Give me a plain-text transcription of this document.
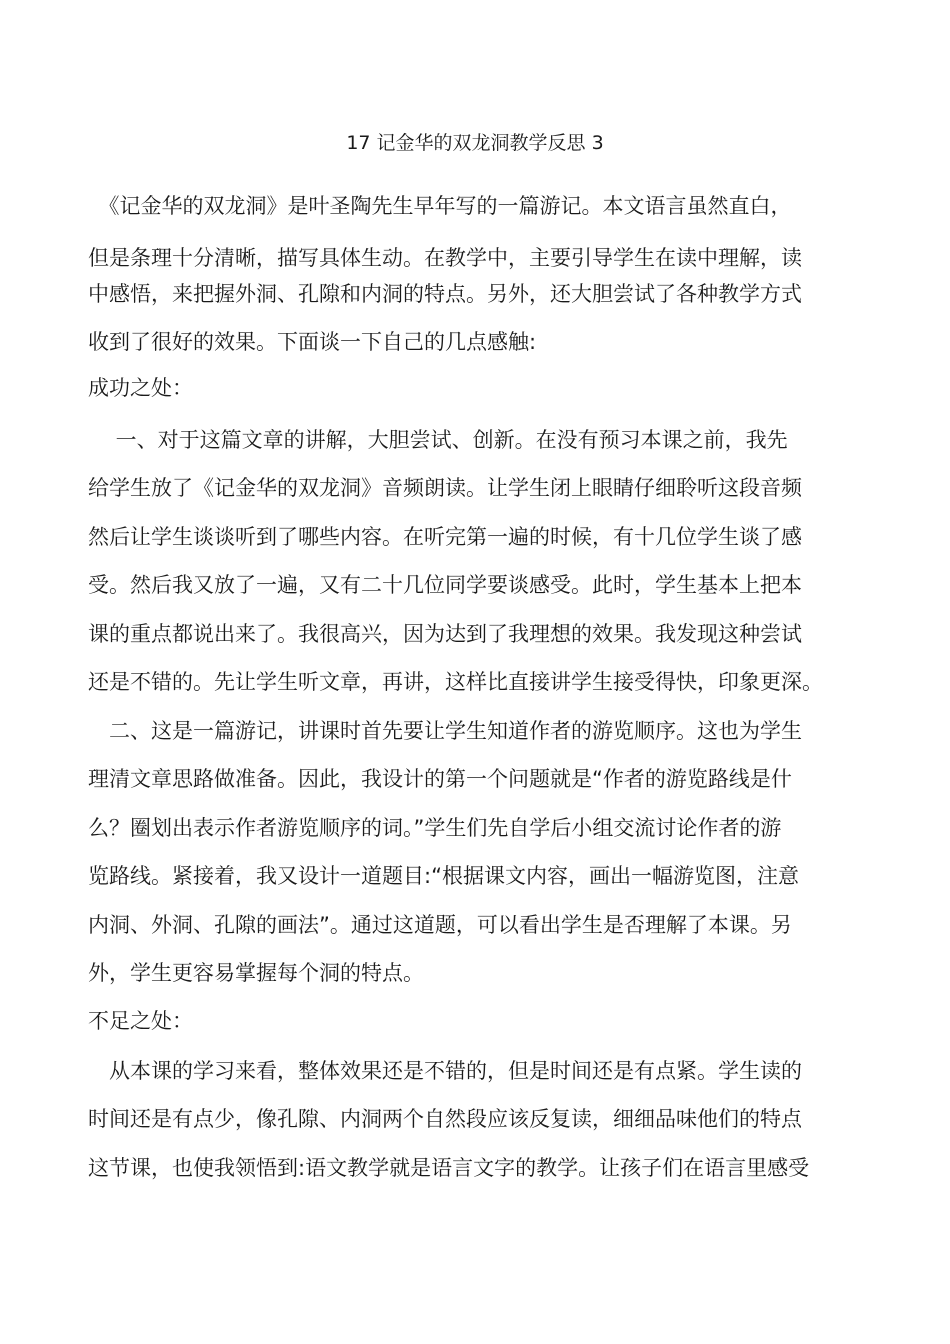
17 记金华的双龙洞教学反思 3
　《记金华的双龙洞》是叶圣陶先生早年写的一篇游记。本文语言虽然直白，
但是条理十分清晰，描写具体生动。在教学中，主要引导学生在读中理解，读
中感悟，来把握外洞、孔隙和内洞的特点。另外，还大胆尝试了各种教学方式
收到了很好的效果。下面谈一下自己的几点感触:
成功之处：
　 一、对于这篇文章的讲解，大胆尝试、创新。在没有预习本课之前，我先
给学生放了《记金华的双龙洞》音频朗读。让学生闭上眼睛仔细聆听这段音频
然后让学生谈谈听到了哪些内容。在听完第一遍的时候，有十几位学生谈了感
受。然后我又放了一遍，又有二十几位同学要谈感受。此时，学生基本上把本
课的重点都说出来了。我很高兴，因为达到了我理想的效果。我发现这种尝试
还是不错的。先让学生听文章，再讲，这样比直接讲学生接受得快，印象更深。
　二、这是一篇游记，讲课时首先要让学生知道作者的游览顺序。这也为学生
理清文章思路做准备。因此，我设计的第一个问题就是“作者的游览路线是什
么？圈划出表示作者游览顺序的词。”学生们先自学后小组交流讨论作者的游
览路线。紧接着，我又设计一道题目:“根据课文内容，画出一幅游览图，注意
内洞、外洞、孔隙的画法”。通过这道题，可以看出学生是否理解了本课。另
外，学生更容易掌握每个洞的特点。
不足之处：
　从本课的学习来看，整体效果还是不错的，但是时间还是有点紧。学生读的
时间还是有点少，像孔隙、内洞两个自然段应该反复读，细细品味他们的特点
这节课，也使我领悟到:语文教学就是语言文字的教学。让孩子们在语言里感受
